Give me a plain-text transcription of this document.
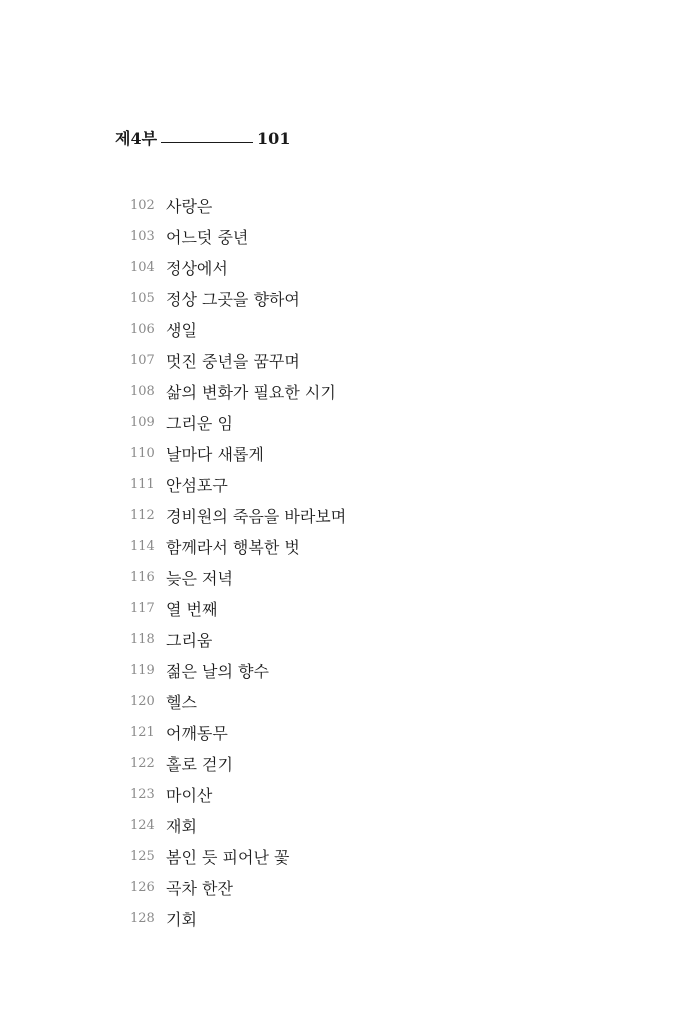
제4부	101
102 사랑은
103 어느덧 중년
104 정상에서
105 정상 그곳을 향하여
106 생일
107 멋진 중년을 꿈꾸며
108 삶의 변화가 필요한 시기
109 그리운 임
110 날마다 새롭게
111 안섬포구
112 경비원의 죽음을 바라보며
114 함께라서 행복한 벗
116 늦은 저녁
117 열 번째
118 그리움
119 젊은 날의 향수
120 헬스
121 어깨동무
122 홀로 걷기
123 마이산
124 재회
125 봄인 듯 피어난 꽃
126 곡차 한잔
128 기회
